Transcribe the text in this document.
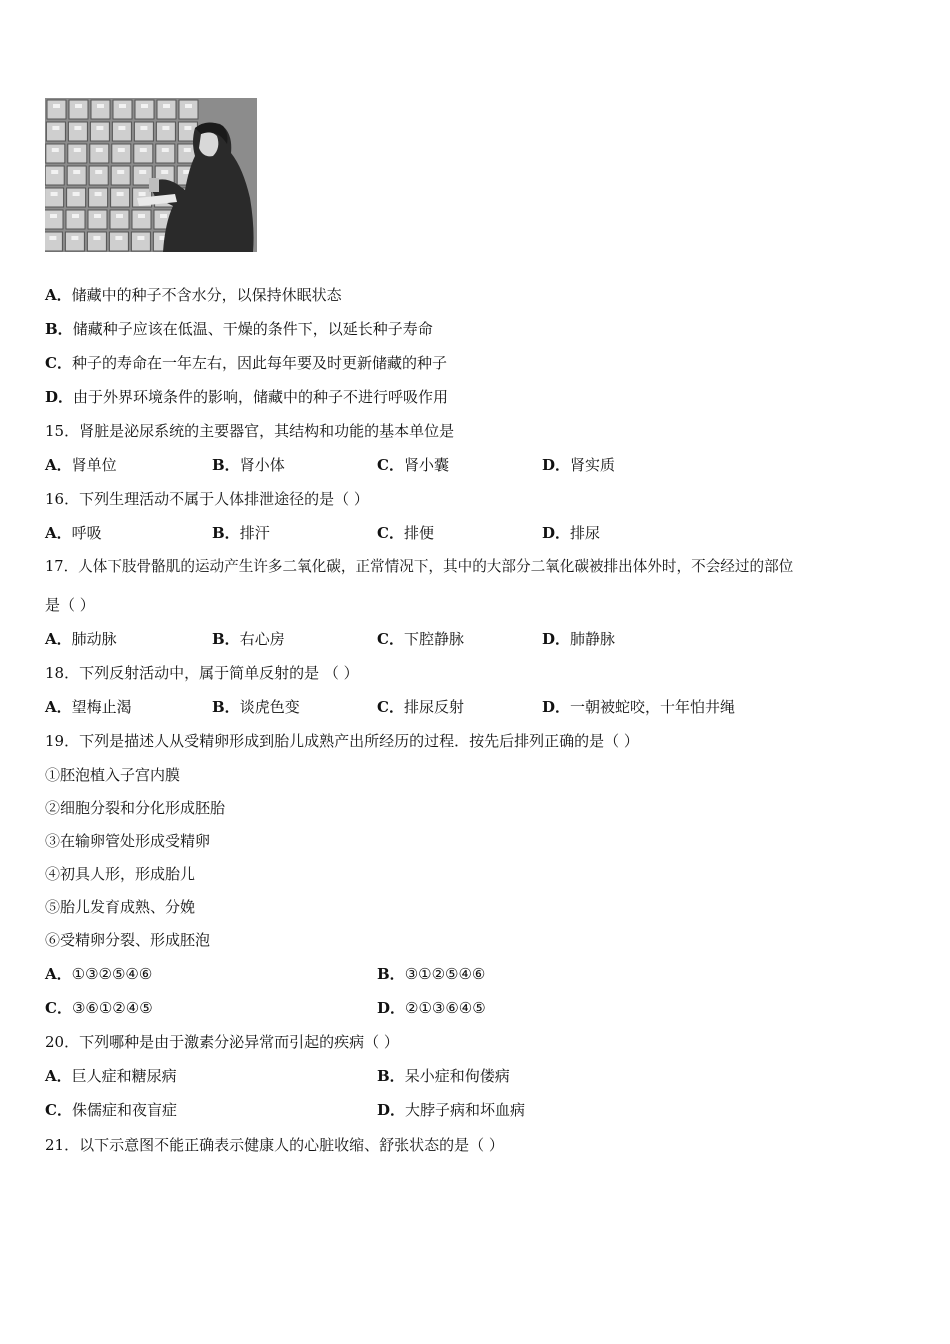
A．储藏中的种子不含水分，以保持休眠状态
B．储藏种子应该在低温、干燥的条件下，以延长种子寿命
C．种子的寿命在一年左右，因此每年要及时更新储藏的种子
D．由于外界环境条件的影响，储藏中的种子不进行呼吸作用
15．肾脏是泌尿系统的主要器官，其结构和功能的基本单位是
A．肾单位	B．肾小体	C．肾小囊	D．肾实质
16．下列生理活动不属于人体排泄途径的是（ ）
A．呼吸	B．排汗	C．排便	D．排尿
17．人体下肢骨骼肌的运动产生许多二氧化碳，正常情况下，其中的大部分二氧化碳被排出体外时，不会经过的部位
是（ ）
A．肺动脉	B．右心房	C．下腔静脉	D．肺静脉
18．下列反射活动中，属于简单反射的是 （ ）
A．望梅止渴	B．谈虎色变	C．排尿反射	D．一朝被蛇咬，十年怕井绳
19．下列是描述人从受精卵形成到胎儿成熟产出所经历的过程．按先后排列正确的是（ ）
①胚泡植入子宫内膜
②细胞分裂和分化形成胚胎
③在输卵管处形成受精卵
④初具人形，形成胎儿
⑤胎儿发育成熟、分娩
⑥受精卵分裂、形成胚泡
A．①③②⑤④⑥	B．③①②⑤④⑥
C．③⑥①②④⑤	D．②①③⑥④⑤
20．下列哪种是由于激素分泌异常而引起的疾病（ ）
A．巨人症和糖尿病	B．呆小症和佝偻病
C．侏儒症和夜盲症	D．大脖子病和坏血病
21．以下示意图不能正确表示健康人的心脏收缩、舒张状态的是（ ）
